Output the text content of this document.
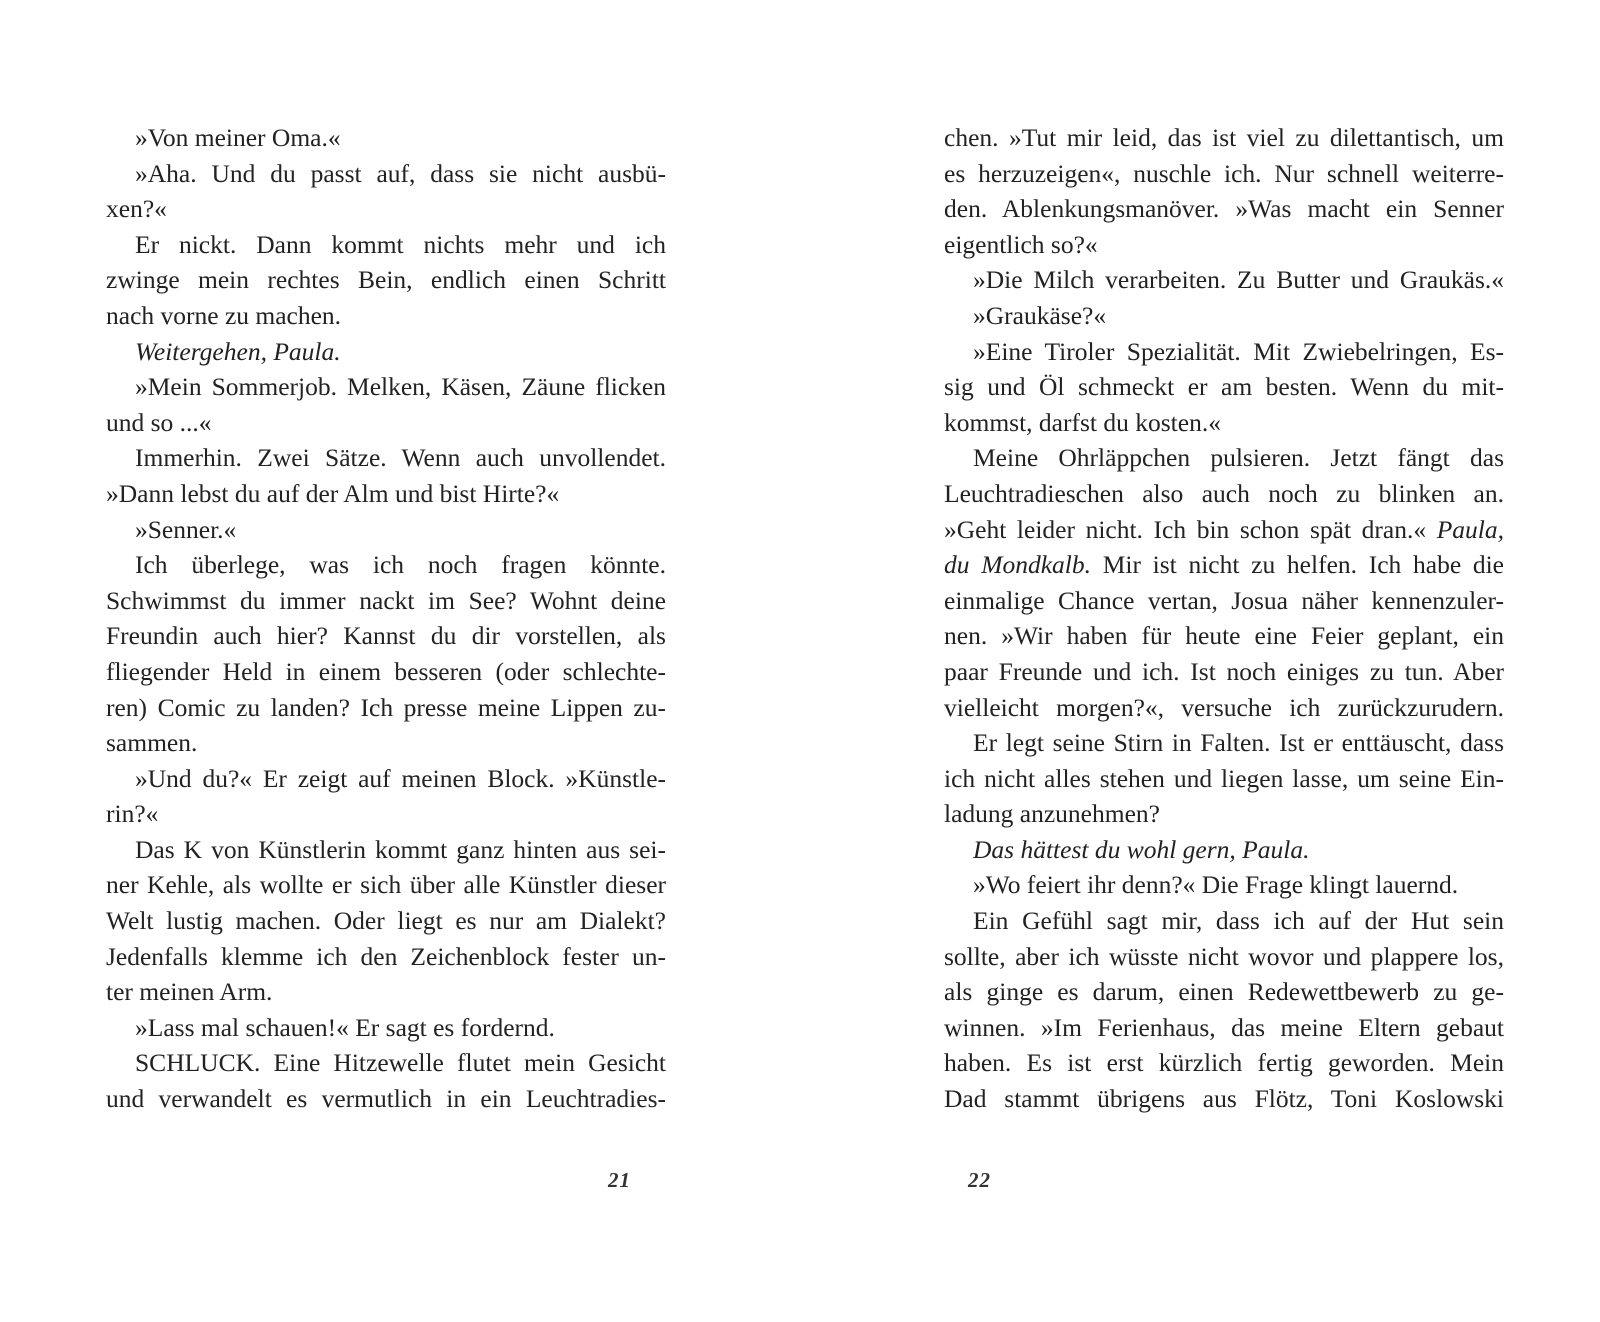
»Von meiner Oma.«
»Aha. Und du passt auf, dass sie nicht ausbü-
xen?«
Er nickt. Dann kommt nichts mehr und ich
zwinge mein rechtes Bein, endlich einen Schritt
nach vorne zu machen.
Weitergehen, Paula.
»Mein Sommerjob. Melken, Käsen, Zäune flicken
und so ...«
Immerhin. Zwei Sätze. Wenn auch unvollendet.
»Dann lebst du auf der Alm und bist Hirte?«
»Senner.«
Ich überlege, was ich noch fragen könnte.
Schwimmst du immer nackt im See? Wohnt deine
Freundin auch hier? Kannst du dir vorstellen, als
fliegender Held in einem besseren (oder schlechte-
ren) Comic zu landen? Ich presse meine Lippen zu-
sammen.
»Und du?« Er zeigt auf meinen Block. »Künstle-
rin?«
Das K von Künstlerin kommt ganz hinten aus sei-
ner Kehle, als wollte er sich über alle Künstler dieser
Welt lustig machen. Oder liegt es nur am Dialekt?
Jedenfalls klemme ich den Zeichenblock fester un-
ter meinen Arm.
»Lass mal schauen!« Er sagt es fordernd.
SCHLUCK. Eine Hitzewelle flutet mein Gesicht
und verwandelt es vermutlich in ein Leuchtradies-
21
chen. »Tut mir leid, das ist viel zu dilettantisch, um
es herzuzeigen«, nuschle ich. Nur schnell weiterre-
den. Ablenkungsmanöver. »Was macht ein Senner
eigentlich so?«
»Die Milch verarbeiten. Zu Butter und Graukäs.«
»Graukäse?«
»Eine Tiroler Spezialität. Mit Zwiebelringen, Es-
sig und Öl schmeckt er am besten. Wenn du mit-
kommst, darfst du kosten.«
Meine Ohrläppchen pulsieren. Jetzt fängt das
Leuchtradieschen also auch noch zu blinken an.
»Geht leider nicht. Ich bin schon spät dran.« Paula,
du Mondkalb. Mir ist nicht zu helfen. Ich habe die
einmalige Chance vertan, Josua näher kennenzuler-
nen. »Wir haben für heute eine Feier geplant, ein
paar Freunde und ich. Ist noch einiges zu tun. Aber
vielleicht morgen?«, versuche ich zurückzurudern.
Er legt seine Stirn in Falten. Ist er enttäuscht, dass
ich nicht alles stehen und liegen lasse, um seine Ein-
ladung anzunehmen?
Das hättest du wohl gern, Paula.
»Wo feiert ihr denn?« Die Frage klingt lauernd.
Ein Gefühl sagt mir, dass ich auf der Hut sein
sollte, aber ich wüsste nicht wovor und plappere los,
als ginge es darum, einen Redewettbewerb zu ge-
winnen. »Im Ferienhaus, das meine Eltern gebaut
haben. Es ist erst kürzlich fertig geworden. Mein
Dad stammt übrigens aus Flötz, Toni Koslowski
22
